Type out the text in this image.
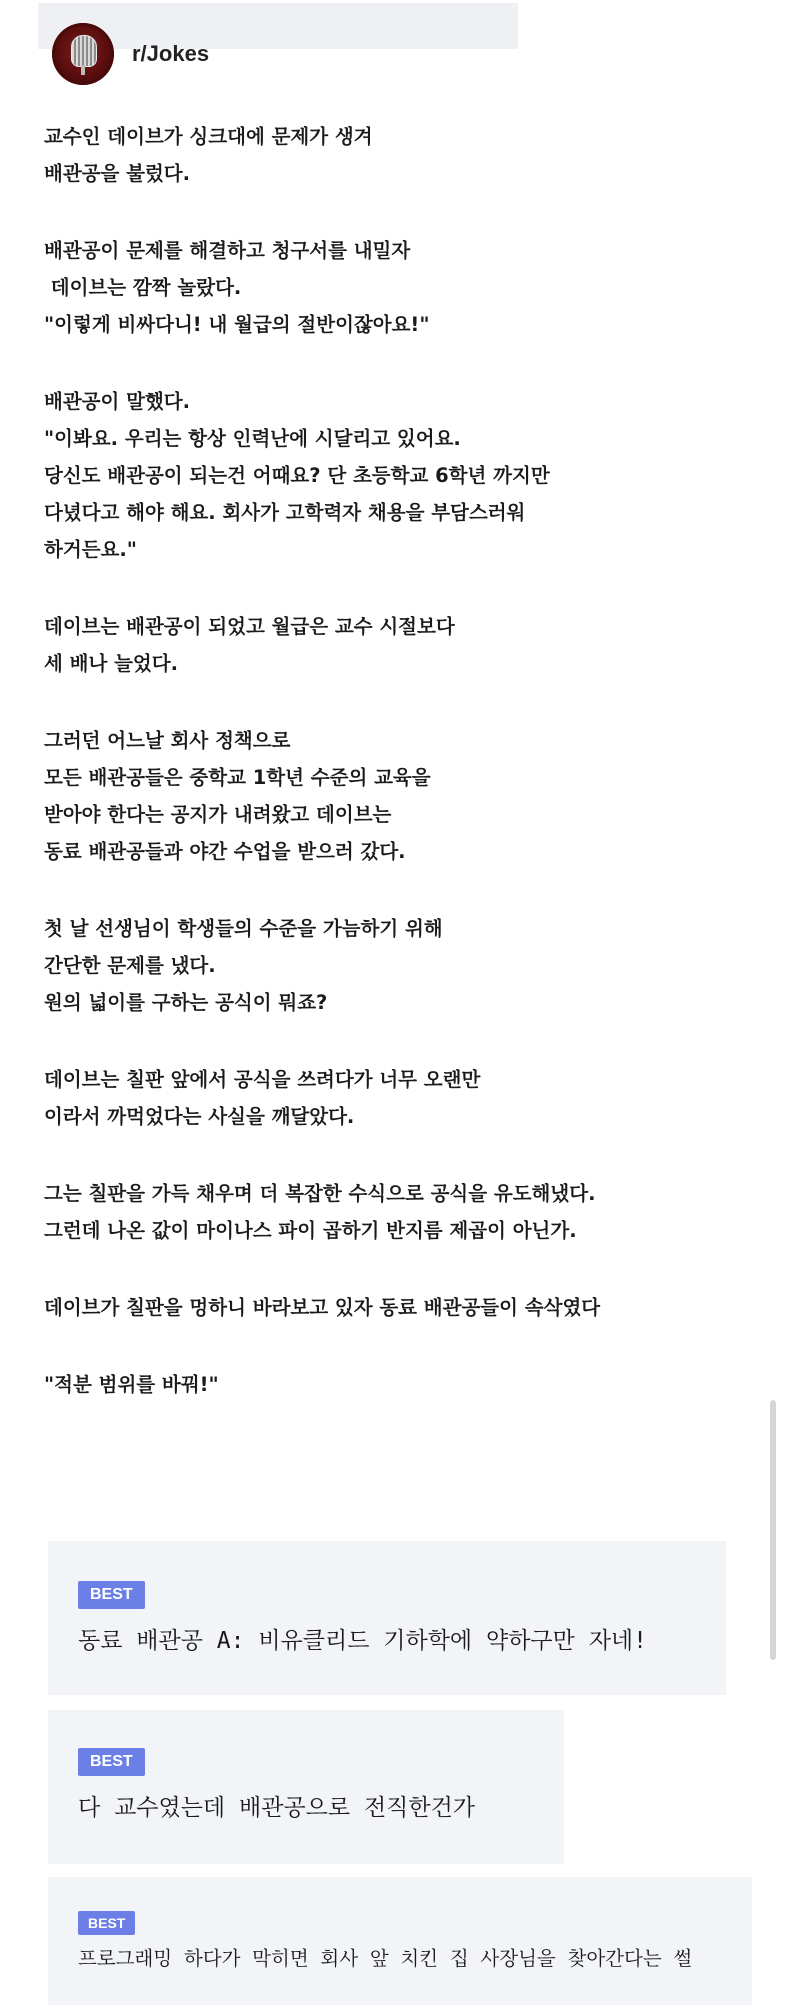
r/Jokes
교수인 데이브가 싱크대에 문제가 생겨
배관공을 불렀다.
배관공이 문제를 해결하고 청구서를 내밀자
데이브는 깜짝 놀랐다.
"이렇게 비싸다니! 내 월급의 절반이잖아요!"
배관공이 말했다.
"이봐요. 우리는 항상 인력난에 시달리고 있어요.
당신도 배관공이 되는건 어때요? 단 초등학교 6학년 까지만
다녔다고 해야 해요. 회사가 고학력자 채용을 부담스러워
하거든요."
데이브는 배관공이 되었고 월급은 교수 시절보다
세 배나 늘었다.
그러던 어느날 회사 정책으로
모든 배관공들은 중학교 1학년 수준의 교육을
받아야 한다는 공지가 내려왔고 데이브는
동료 배관공들과 야간 수업을 받으러 갔다.
첫 날 선생님이 학생들의 수준을 가늠하기 위해
간단한 문제를 냈다.
원의 넓이를 구하는 공식이 뭐죠?
데이브는 칠판 앞에서 공식을 쓰려다가 너무 오랜만
이라서 까먹었다는 사실을 깨달았다.
그는 칠판을 가득 채우며 더 복잡한 수식으로 공식을 유도해냈다.
그런데 나온 값이 마이나스 파이 곱하기 반지름 제곱이 아닌가.
데이브가 칠판을 멍하니 바라보고 있자 동료 배관공들이 속삭였다
"적분 범위를 바꿔!"
BEST
동료 배관공 A: 비유클리드 기하학에 약하구만 자네!
BEST
다 교수였는데 배관공으로 전직한건가
BEST
프로그래밍 하다가 막히면 회사 앞 치킨 집 사장님을 찾아간다는 썰
